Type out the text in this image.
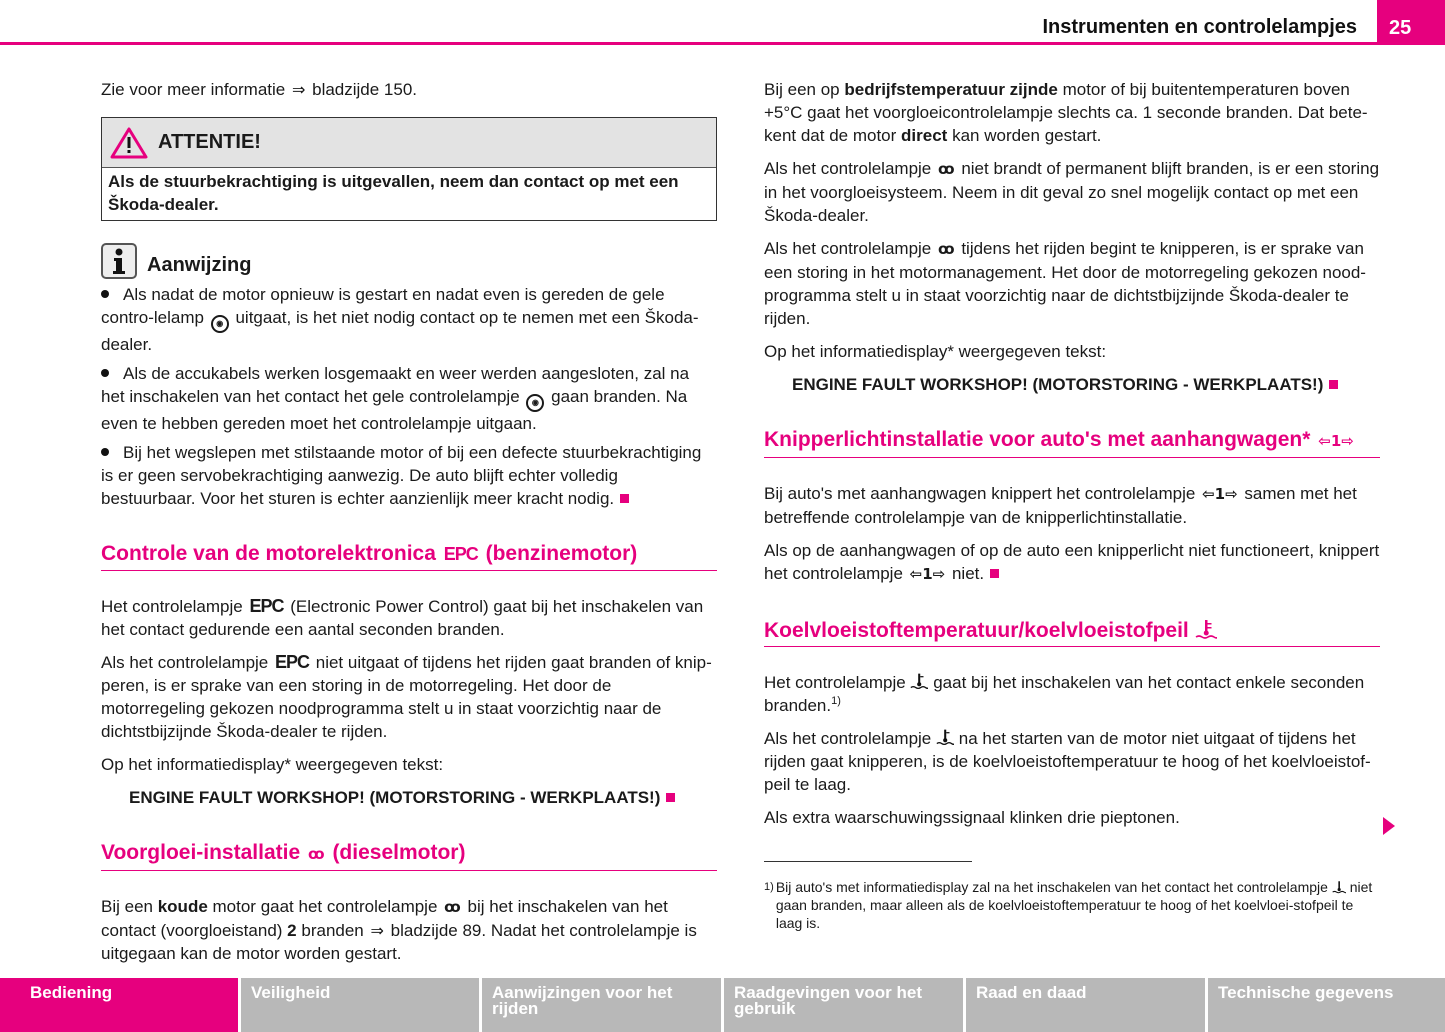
Instrumenten en controlelampjes	25
Zie voor meer informatie ⇒ bladzijde 150.
ATTENTIE!
Als de stuurbekrachtiging is uitgevallen, neem dan contact op met een Škoda-dealer.
Aanwijzing
Als nadat de motor opnieuw is gestart en nadat even is gereden de gele contro-lelamp ◉ uitgaat, is het niet nodig contact op te nemen met een Škoda-dealer.
Als de accukabels werken losgemaakt en weer werden aangesloten, zal na het inschakelen van het contact het gele controlelampje ◉ gaan branden. Na even te hebben gereden moet het controlelampje uitgaan.
Bij het wegslepen met stilstaande motor of bij een defecte stuurbekrachtiging is er geen servobekrachtiging aanwezig. De auto blijft echter volledig bestuurbaar. Voor het sturen is echter aanzienlijk meer kracht nodig.
Controle van de motorelektronica EPC (benzinemotor)
Het controlelampje EPC (Electronic Power Control) gaat bij het inschakelen van het contact gedurende een aantal seconden branden.
Als het controlelampje EPC niet uitgaat of tijdens het rijden gaat branden of knip-peren, is er sprake van een storing in de motorregeling. Het door de motorregeling gekozen noodprogramma stelt u in staat voorzichtig naar de dichtstbijzijnde Škoda-dealer te rijden.
Op het informatiedisplay* weergegeven tekst:
ENGINE FAULT WORKSHOP! (MOTORSTORING - WERKPLAATS!)
Voorgloei-installatie ꝏ (dieselmotor)
Bij een koude motor gaat het controlelampje ꝏ bij het inschakelen van het contact (voorgloeistand) 2 branden ⇒ bladzijde 89. Nadat het controlelampje is uitgegaan kan de motor worden gestart.
Bij een op bedrijfstemperatuur zijnde motor of bij buitentemperaturen boven +5°C gaat het voorgloeicontrolelampje slechts ca. 1 seconde branden. Dat bete-kent dat de motor direct kan worden gestart.
Als het controlelampje ꝏ niet brandt of permanent blijft branden, is er een storing in het voorgloeisysteem. Neem in dit geval zo snel mogelijk contact op met een Škoda-dealer.
Als het controlelampje ꝏ tijdens het rijden begint te knipperen, is er sprake van een storing in het motormanagement. Het door de motorregeling gekozen nood-programma stelt u in staat voorzichtig naar de dichtstbijzijnde Škoda-dealer te rijden.
Op het informatiedisplay* weergegeven tekst:
ENGINE FAULT WORKSHOP! (MOTORSTORING - WERKPLAATS!)
Knipperlichtinstallatie voor auto's met aanhangwagen* ⇦1⇨
Bij auto's met aanhangwagen knippert het controlelampje ⇦1⇨ samen met het betreffende controlelampje van de knipperlichtinstallatie.
Als op de aanhangwagen of op de auto een knipperlicht niet functioneert, knippert het controlelampje ⇦1⇨ niet.
Koelvloeistoftemperatuur/koelvloeistofpeil
Het controlelampje gaat bij het inschakelen van het contact enkele seconden branden.$^{1)}$
Als het controlelampje na het starten van de motor niet uitgaat of tijdens het rijden gaat knipperen, is de koelvloeistoftemperatuur te hoog of het koelvloeistof-peil te laag.
Als extra waarschuwingssignaal klinken drie pieptonen.
1) Bij auto's met informatiedisplay zal na het inschakelen van het contact het controlelampje niet gaan branden, maar alleen als de koelvloeistoftemperatuur te hoog of het koelvloei-stofpeil te laag is.
Bediening	Veiligheid	Aanwijzingen voor het rijden
Raadgevingen voor het gebruik
Raad en daad	Technische gegevens
